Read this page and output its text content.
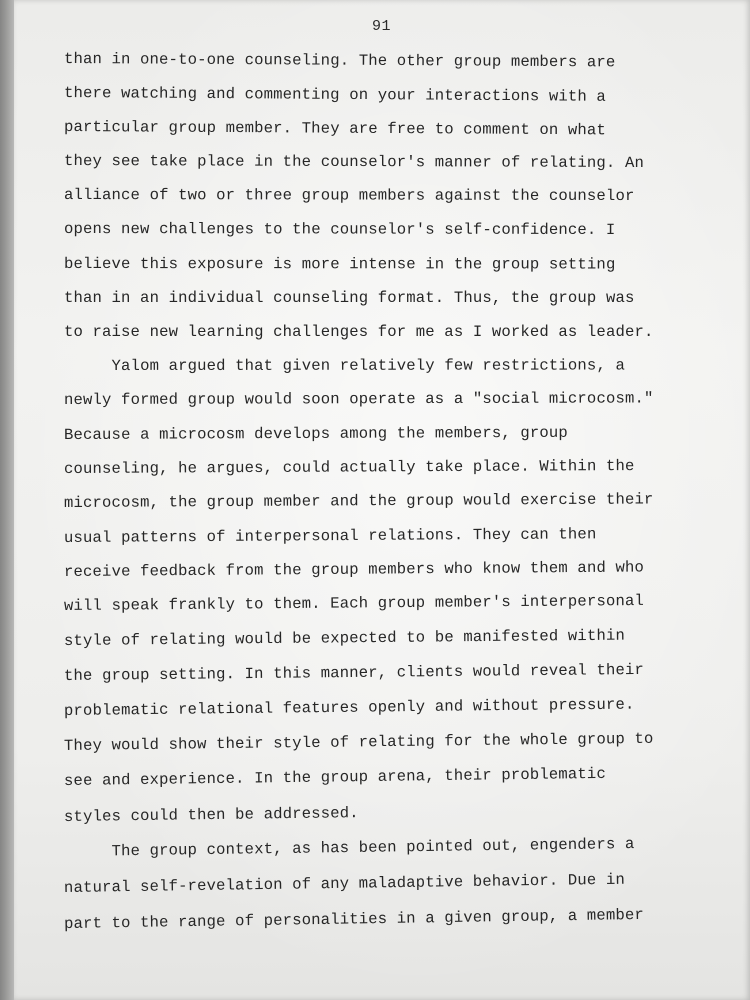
91
than in one-to-one counseling. The other group members are
there watching and commenting on your interactions with a
particular group member. They are free to comment on what
they see take place in the counselor's manner of relating. An
alliance of two or three group members against the counselor
opens new challenges to the counselor's self-confidence. I
believe this exposure is more intense in the group setting
than in an individual counseling format. Thus, the group was
to raise new learning challenges for me as I worked as leader.
Yalom argued that given relatively few restrictions, a
newly formed group would soon operate as a "social microcosm."
Because a microcosm develops among the members, group
counseling, he argues, could actually take place. Within the
microcosm, the group member and the group would exercise their
usual patterns of interpersonal relations. They can then
receive feedback from the group members who know them and who
will speak frankly to them. Each group member's interpersonal
style of relating would be expected to be manifested within
the group setting. In this manner, clients would reveal their
problematic relational features openly and without pressure.
They would show their style of relating for the whole group to
see and experience. In the group arena, their problematic
styles could then be addressed.
The group context, as has been pointed out, engenders a
natural self-revelation of any maladaptive behavior. Due in
part to the range of personalities in a given group, a member
